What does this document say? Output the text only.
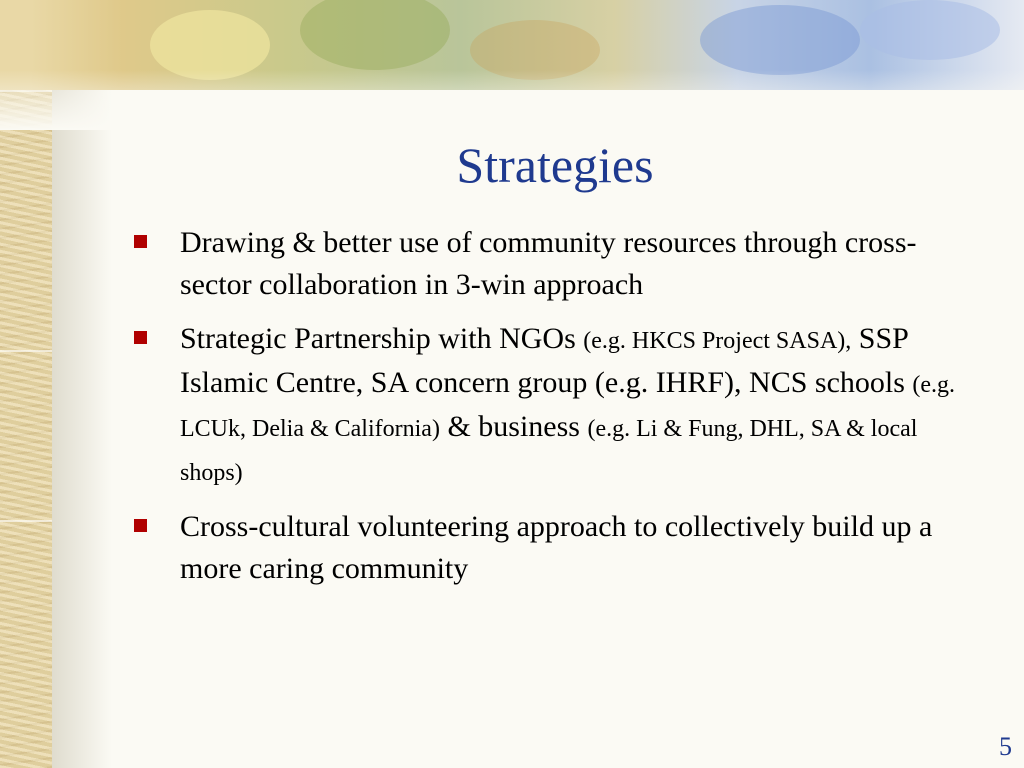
Strategies
Drawing & better use of community resources through cross-sector collaboration in 3-win approach
Strategic Partnership with NGOs (e.g. HKCS Project SASA), SSP Islamic Centre, SA concern group (e.g. IHRF), NCS schools (e.g. LCUk, Delia & California) & business (e.g. Li & Fung, DHL, SA & local shops)
Cross-cultural volunteering approach to collectively build up a more caring community
5
